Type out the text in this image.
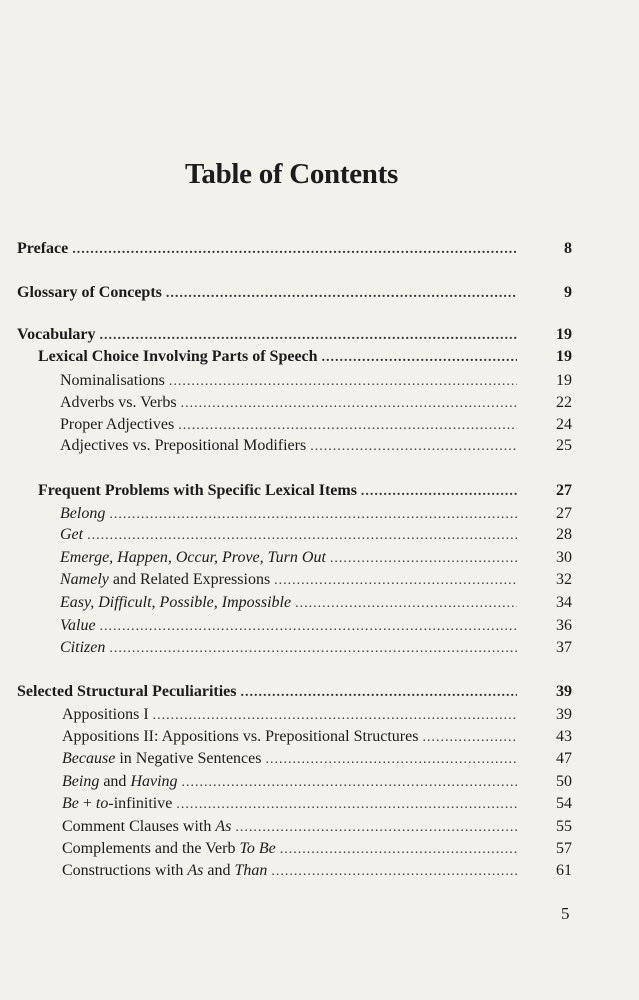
Table of Contents
Preface .....	8
Glossary of Concepts .....	9
Vocabulary .....	19
Lexical Choice Involving Parts of Speech .....	19
Nominalisations .....	19
Adverbs vs. Verbs .....	22
Proper Adjectives .....	24
Adjectives vs. Prepositional Modifiers .....	25
Frequent Problems with Specific Lexical Items .....	27
Belong .....	27
Get .....	28
Emerge, Happen, Occur, Prove, Turn Out .....	30
Namely and Related Expressions .....	32
Easy, Difficult, Possible, Impossible .....	34
Value .....	36
Citizen .....	37
Selected Structural Peculiarities .....	39
Appositions I .....	39
Appositions II: Appositions vs. Prepositional Structures .....	43
Because in Negative Sentences .....	47
Being and Having .....	50
Be + to-infinitive .....	54
Comment Clauses with As .....	55
Complements and the Verb To Be .....	57
Constructions with As and Than .....	61
5
